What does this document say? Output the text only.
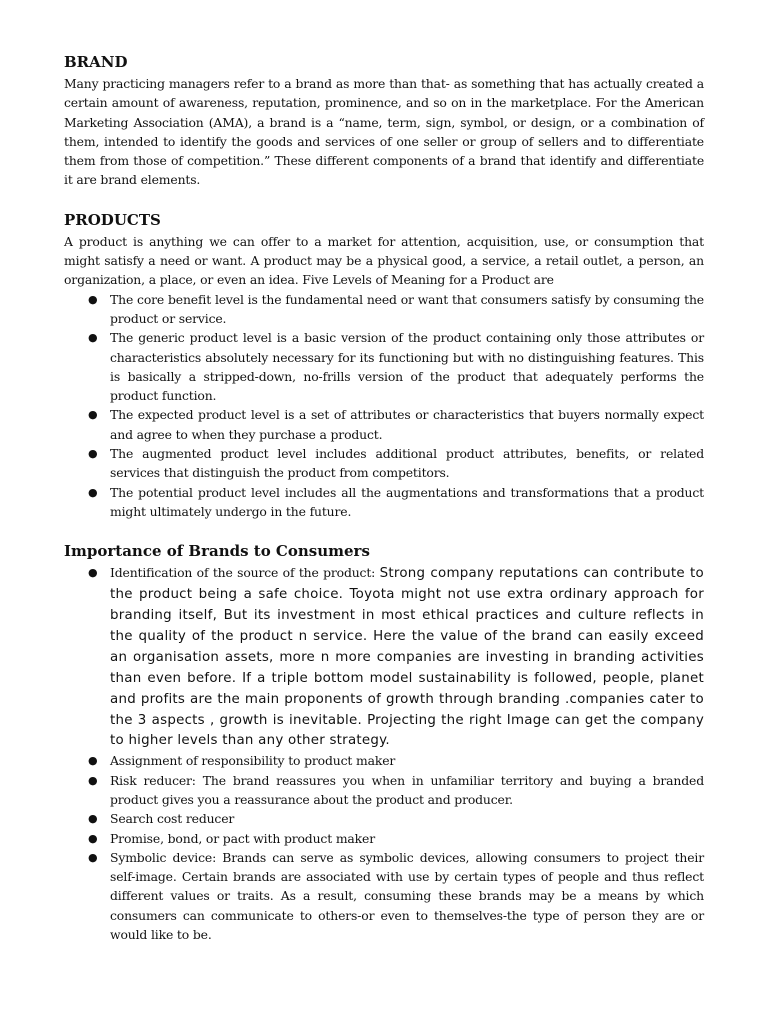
BRAND

Many practicing managers refer to a brand as more than that- as something that has actually created a certain amount of awareness, reputation, prominence, and so on in the marketplace. For the American Marketing Association (AMA), a brand is a “name, term, sign, symbol, or design, or a combination of them, intended to identify the goods and services of one seller or group of sellers and to differentiate them from those of competition.” These different components of a brand that identify and differentiate it are brand elements.

PRODUCTS

A product is anything we can offer to a market for attention, acquisition, use, or consumption that might satisfy a need or want. A product may be a physical good, a service, a retail outlet, a person, an organization, a place, or even an idea. Five Levels of Meaning for a Product are

● The core benefit level is the fundamental need or want that consumers satisfy by consuming the product or service.
● The generic product level is a basic version of the product containing only those attributes or characteristics absolutely necessary for its functioning but with no distinguishing features. This is basically a stripped-down, no-frills version of the product that adequately performs the product function.
● The expected product level is a set of attributes or characteristics that buyers normally expect and agree to when they purchase a product.
● The augmented product level includes additional product attributes, benefits, or related services that distinguish the product from competitors.
● The potential product level includes all the augmentations and transformations that a product might ultimately undergo in the future.
Importance of Brands to Consumers
● Identification of the source of the product: Strong company reputations can contribute to the product being a safe choice. Toyota might not use extra ordinary approach for branding itself, But its investment in most ethical practices and culture reflects in the quality of the product n service. Here the value of the brand can easily exceed an organisation assets, more n more companies are investing in branding activities than even before. If a triple bottom model sustainability is followed, people, planet and profits are the main proponents of growth through branding .companies cater to the 3 aspects , growth is inevitable. Projecting the right Image can get the company to higher levels than any other strategy.
● Assignment of responsibility to product maker
● Risk reducer: The brand reassures you when in unfamiliar territory and buying a branded product gives you a reassurance about the product and producer.
● Search cost reducer
● Promise, bond, or pact with product maker
● Symbolic device: Brands can serve as symbolic devices, allowing consumers to project their self-image. Certain brands are associated with use by certain types of people and thus reflect different values or traits. As a result, consuming these brands may be a means by which consumers can communicate to others-or even to themselves-the type of person they are or would like to be.
